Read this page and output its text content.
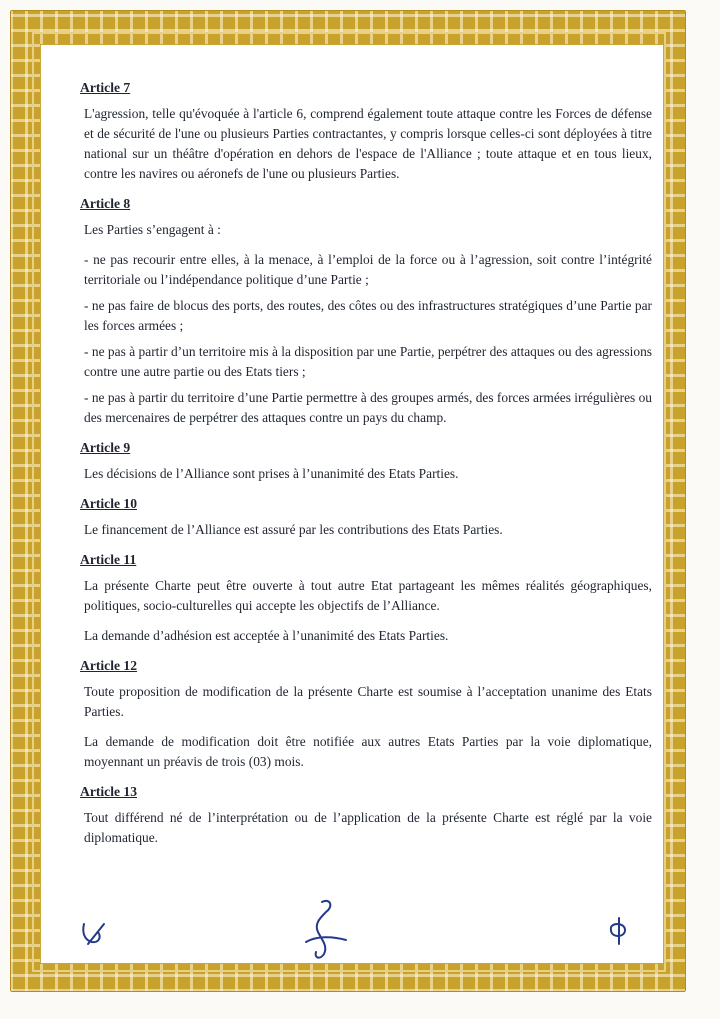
Article 7

L'agression, telle qu'évoquée à l'article 6, comprend également toute attaque contre les Forces de défense et de sécurité de l'une ou plusieurs Parties contractantes, y compris lorsque celles-ci sont déployées à titre national sur un théâtre d'opération en dehors de l'espace de l'Alliance ; toute attaque et en tous lieux, contre les navires ou aéronefs de l'une ou plusieurs Parties.

Article 8

Les Parties s’engagent à :

- ne pas recourir entre elles, à la menace, à l’emploi de la force ou à l’agression, soit contre l’intégrité territoriale ou l’indépendance politique d’une Partie ;

- ne pas faire de blocus des ports, des routes, des côtes ou des infrastructures stratégiques d’une Partie par les forces armées ;

- ne pas à partir d’un territoire mis à la disposition par une Partie, perpétrer des attaques ou des agressions contre une autre partie ou des Etats tiers ;

- ne pas à partir du territoire d’une Partie permettre à des groupes armés, des forces armées irrégulières ou des mercenaires de perpétrer des attaques contre un pays du champ.

Article 9

Les décisions de l’Alliance sont prises à l’unanimité des Etats Parties.

Article 10

Le financement de l’Alliance est assuré par les contributions des Etats Parties.

Article 11

La présente Charte peut être ouverte à tout autre Etat partageant les mêmes réalités géographiques, politiques, socio-culturelles qui accepte les objectifs de l’Alliance.

La demande d’adhésion est acceptée à l’unanimité des Etats Parties.

Article 12

Toute proposition de modification de la présente Charte est soumise à l’acceptation unanime des Etats Parties.

La demande de modification doit être notifiée aux autres Etats Parties par la voie diplomatique, moyennant un préavis de trois (03) mois.

Article 13

Tout différend né de l’interprétation ou de l’application de la présente Charte est réglé par la voie diplomatique.
